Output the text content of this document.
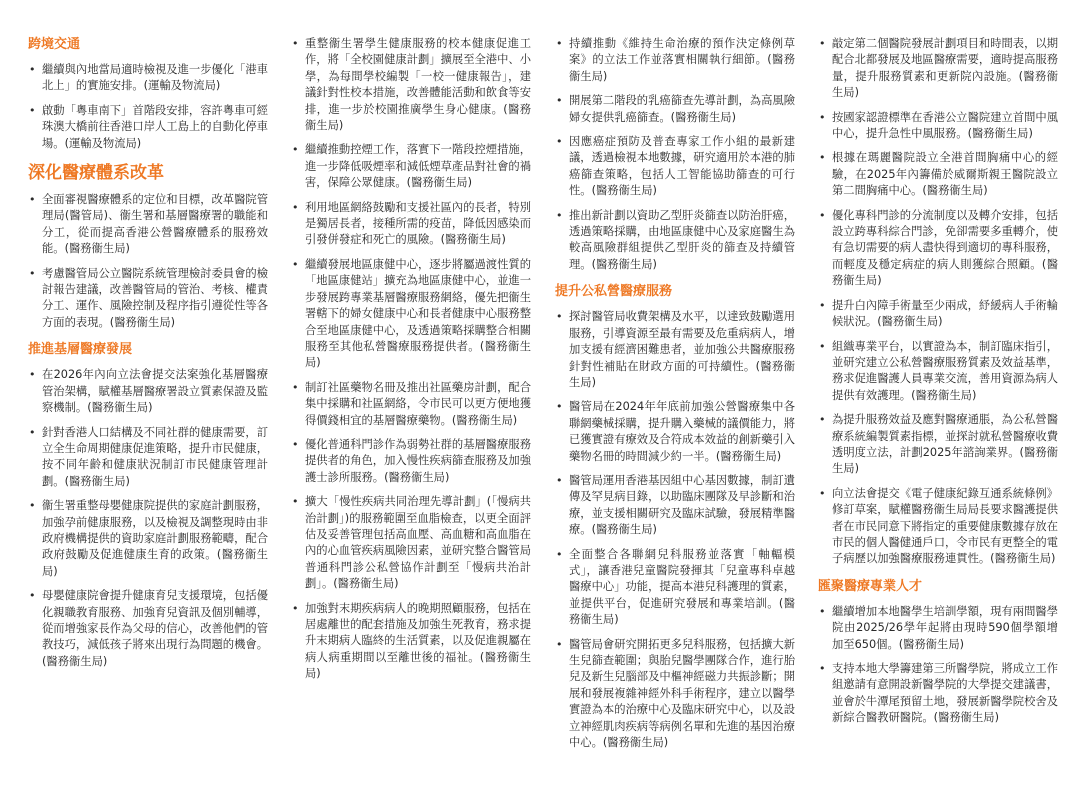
跨境交通
• 繼續與內地當局適時檢視及進一步優化「港車北上」的實施安排。(運輸及物流局)
• 啟動「粵車南下」首階段安排，容許粵車可經珠澳大橋前往香港口岸人工島上的自動化停車場。(運輸及物流局)
深化醫療體系改革
• 全面審視醫療體系的定位和目標，改革醫院管理局(醫管局)、衞生署和基層醫療署的職能和分工，從而提高香港公營醫療體系的服務效能。(醫務衞生局)
• 考慮醫管局公立醫院系統管理檢討委員會的檢討報告建議，改善醫管局的管治、考核、權責分工、運作、風險控制及程序指引遵從性等各方面的表現。(醫務衞生局)
推進基層醫療發展
• 在2026年內向立法會提交法案強化基層醫療管治架構，賦權基層醫療署設立質素保證及監察機制。(醫務衞生局)
• 針對香港人口結構及不同社群的健康需要，訂立全生命周期健康促進策略，提升市民健康，按不同年齡和健康狀況制訂市民健康管理計劃。(醫務衞生局)
• 衞生署重整母嬰健康院提供的家庭計劃服務，加強孕前健康服務，以及檢視及調整現時由非政府機構提供的資助家庭計劃服務範疇，配合政府鼓勵及促進健康生育的政策。(醫務衞生局)
• 母嬰健康院會提升健康育兒支援環境，包括優化親職教育服務、加強育兒資訊及個別輔導，從而增強家長作為父母的信心，改善他們的管教技巧，減低孩子將來出現行為問題的機會。(醫務衞生局)
• 重整衞生署學生健康服務的校本健康促進工作，將「全校園健康計劃」擴展至全港中、小學，為每間學校編製「一校一健康報告」，建議針對性校本措施，改善體能活動和飲食等安排，進一步於校園推廣學生身心健康。(醫務衞生局)
• 繼續推動控煙工作，落實下一階段控煙措施，進一步降低吸煙率和減低煙草產品對社會的禍害，保障公眾健康。(醫務衞生局)
• 利用地區網絡鼓勵和支援社區內的長者，特別是獨居長者，接種所需的疫苗，降低因感染而引發併發症和死亡的風險。(醫務衞生局)
• 繼續發展地區康健中心，逐步將屬過渡性質的「地區康健站」擴充為地區康健中心，並進一步發展跨專業基層醫療服務網絡，優先把衞生署轄下的婦女健康中心和長者健康中心服務整合至地區康健中心，及透過策略採購整合相關服務至其他私營醫療服務提供者。(醫務衞生局)
• 制訂社區藥物名冊及推出社區藥房計劃，配合集中採購和社區網絡，令市民可以更方便地獲得價錢相宜的基層醫療藥物。(醫務衞生局)
• 優化普通科門診作為弱勢社群的基層醫療服務提供者的角色，加入慢性疾病篩查服務及加強護士診所服務。(醫務衞生局)
• 擴大「慢性疾病共同治理先導計劃」(「慢病共治計劃」)的服務範圍至血脂檢查，以更全面評估及妥善管理包括高血壓、高血糖和高血脂在內的心血管疾病風險因素，並研究整合醫管局普通科門診公私營協作計劃至「慢病共治計劃」。(醫務衞生局)
• 加強對末期疾病病人的晚期照顧服務，包括在居處離世的配套措施及加強生死教育，務求提升末期病人臨終的生活質素，以及促進親屬在病人病重期間以至離世後的福祉。(醫務衞生局)
• 持續推動《維持生命治療的預作決定條例草案》的立法工作並落實相關執行細節。(醫務衞生局)
• 開展第二階段的乳癌篩查先導計劃，為高風險婦女提供乳癌篩查。(醫務衞生局)
• 因應癌症預防及普查專家工作小組的最新建議，透過檢視本地數據，研究適用於本港的肺癌篩查策略，包括人工智能協助篩查的可行性。(醫務衞生局)
• 推出新計劃以資助乙型肝炎篩查以防治肝癌，透過策略採購，由地區康健中心及家庭醫生為較高風險群組提供乙型肝炎的篩查及持續管理。(醫務衞生局)
提升公私營醫療服務
• 探討醫管局收費架構及水平，以達致鼓勵選用服務，引導資源至最有需要及危重病病人，增加支援有經濟困難患者，並加強公共醫療服務針對性補貼在財政方面的可持續性。(醫務衞生局)
• 醫管局在2024年年底前加強公營醫療集中各聯網藥械採購，提升購入藥械的議價能力，將已獲實證有療效及合符成本效益的創新藥引入藥物名冊的時間減少約一半。(醫務衞生局)
• 醫管局運用香港基因組中心基因數據，制訂遺傳及罕見病目錄，以助臨床團隊及早診斷和治療，並支援相關研究及臨床試驗，發展精準醫療。(醫務衞生局)
• 全面整合各聯網兒科服務並落實「軸輻模式」，讓香港兒童醫院發揮其「兒童專科卓越醫療中心」功能，提高本港兒科護理的質素，並提供平台，促進研究發展和專業培訓。(醫務衞生局)
• 醫管局會研究開拓更多兒科服務，包括擴大新生兒篩查範圍；與胎兒醫學團隊合作，進行胎兒及新生兒腦部及中樞神經磁力共振診斷；開展和發展複雜神經外科手術程序，建立以醫學實證為本的治療中心及臨床研究中心，以及設立神經肌肉疾病等病例名單和先進的基因治療中心。(醫務衞生局)
• 敲定第二個醫院發展計劃項目和時間表，以期配合北都發展及地區醫療需要，適時提高服務量，提升服務質素和更新院內設施。(醫務衞生局)
• 按國家認證標準在香港公立醫院建立首間中風中心，提升急性中風服務。(醫務衞生局)
• 根據在瑪麗醫院設立全港首間胸痛中心的經驗，在2025年內籌備於威爾斯親王醫院設立第二間胸痛中心。(醫務衞生局)
• 優化專科門診的分流制度以及轉介安排，包括設立跨專科綜合門診，免卻需要多重轉介，使有急切需要的病人盡快得到適切的專科服務，而輕度及穩定病症的病人則獲綜合照顧。(醫務衞生局)
• 提升白內障手術量至少兩成，紓緩病人手術輪候狀況。(醫務衞生局)
• 組織專業平台，以實證為本，制訂臨床指引，並研究建立公私營醫療服務質素及效益基準，務求促進醫護人員專業交流，善用資源為病人提供有效護理。(醫務衞生局)
• 為提升服務效益及應對醫療通脹，為公私營醫療系統編製質素指標，並探討就私營醫療收費透明度立法，計劃2025年諮詢業界。(醫務衞生局)
• 向立法會提交《電子健康紀錄互通系統條例》修訂草案，賦權醫務衞生局局長要求醫護提供者在市民同意下將指定的重要健康數據存放在市民的個人醫健通戶口，令市民有更整全的電子病歷以加強醫療服務連貫性。(醫務衞生局)
匯聚醫療專業人才
• 繼續增加本地醫學生培訓學額，現有兩間醫學院由2025/26學年起將由現時590個學額增加至650個。(醫務衞生局)
• 支持本地大學籌建第三所醫學院，將成立工作組邀請有意開設新醫學院的大學提交建議書，並會於牛潭尾預留土地，發展新醫學院校舍及新綜合醫教研醫院。(醫務衞生局)
